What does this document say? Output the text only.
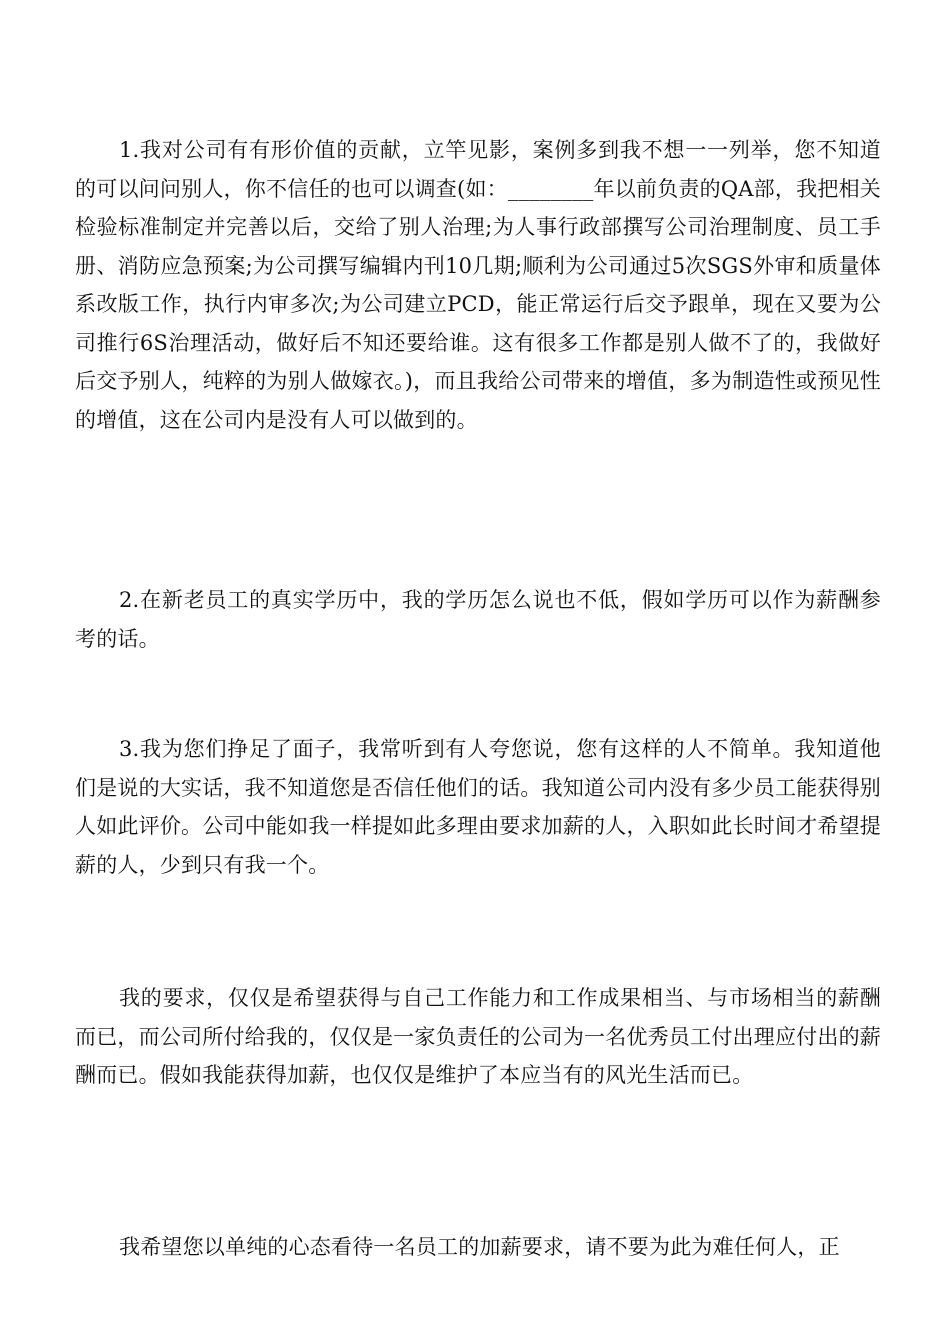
1.我对公司有有形价值的贡献，立竿见影，案例多到我不想一一列举，您不知道的可以问问别人，你不信任的也可以调查(如：________年以前负责的QA部，我把相关检验标准制定并完善以后，交给了别人治理;为人事行政部撰写公司治理制度、员工手册、消防应急预案;为公司撰写编辑内刊10几期;顺利为公司通过5次SGS外审和质量体系改版工作，执行内审多次;为公司建立PCD，能正常运行后交予跟单，现在又要为公司推行6S治理活动，做好后不知还要给谁。这有很多工作都是别人做不了的，我做好后交予别人，纯粹的为别人做嫁衣。)，而且我给公司带来的增值，多为制造性或预见性的增值，这在公司内是没有人可以做到的。

2.在新老员工的真实学历中，我的学历怎么说也不低，假如学历可以作为薪酬参考的话。

3.我为您们挣足了面子，我常听到有人夸您说，您有这样的人不简单。我知道他们是说的大实话，我不知道您是否信任他们的话。我知道公司内没有多少员工能获得别人如此评价。公司中能如我一样提如此多理由要求加薪的人，入职如此长时间才希望提薪的人，少到只有我一个。

我的要求，仅仅是希望获得与自己工作能力和工作成果相当、与市场相当的薪酬而已，而公司所付给我的，仅仅是一家负责任的公司为一名优秀员工付出理应付出的薪酬而已。假如我能获得加薪，也仅仅是维护了本应当有的风光生活而已。

我希望您以单纯的心态看待一名员工的加薪要求，请不要为此为难任何人，正
